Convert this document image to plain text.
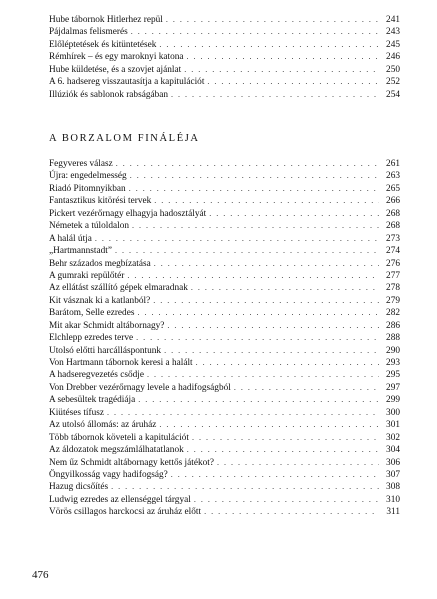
Hube tábornok Hitlerhez repül . . .	241
Pájdalmas felismerés . . .	243
Előléptetések és kitüntetések . . .	245
Rémhírek – és egy maroknyi katona . . .	246
Hube küldetése, és a szovjet ajánlat . . .	250
A 6. hadsereg visszautasítja a kapitulációt . . .	252
Illúziók és sablonok rabságában . . .	254
A BORZALOM FINÁLÉJA
Fegyveres válasz . . .	261
Újra: engedelmesség . . .	263
Riadó Pitomnyikban . . .	265
Fantasztikus kitörési tervek . . .	266
Pickert vezérőrnagy elhagyja hadosztályát . . .	268
Németek a túloldalon . . .	268
A halál útja . . .	273
„Hartmannstadt” . . .	274
Behr százados megbízatása . . .	276
A gumraki repülőtér . . .	277
Az ellátást szállító gépek elmaradnak . . .	278
Kit vásznak ki a katlanból? . . .	279
Barátom, Selle ezredes . . .	282
Mit akar Schmidt altábornagy? . . .	286
Elchlepp ezredes terve . . .	288
Utolsó előtti harcálláspontunk . . .	290
Von Hartmann tábornok keresi a halált . . .	293
A hadseregvezetés csődje . . .	295
Von Drebber vezérőrnagy levele a hadifogságból . . .	297
A sebesültek tragédiája . . .	299
Kiütéses tífusz . . .	300
Az utolsó állomás: az áruház . . .	301
Több tábornok követeli a kapitulációt . . .	302
Az áldozatok megszámlálhatatlanok . . .	304
Nem űz Schmidt altábornagy kettős játékot? . . .	306
Öngyilkosság vagy hadifogság? . . .	307
Hazug dicsőítés . . .	308
Ludwig ezredes az ellenséggel tárgyal . . .	310
Vörös csillagos harckocsi az áruház előtt . . .	311
476
